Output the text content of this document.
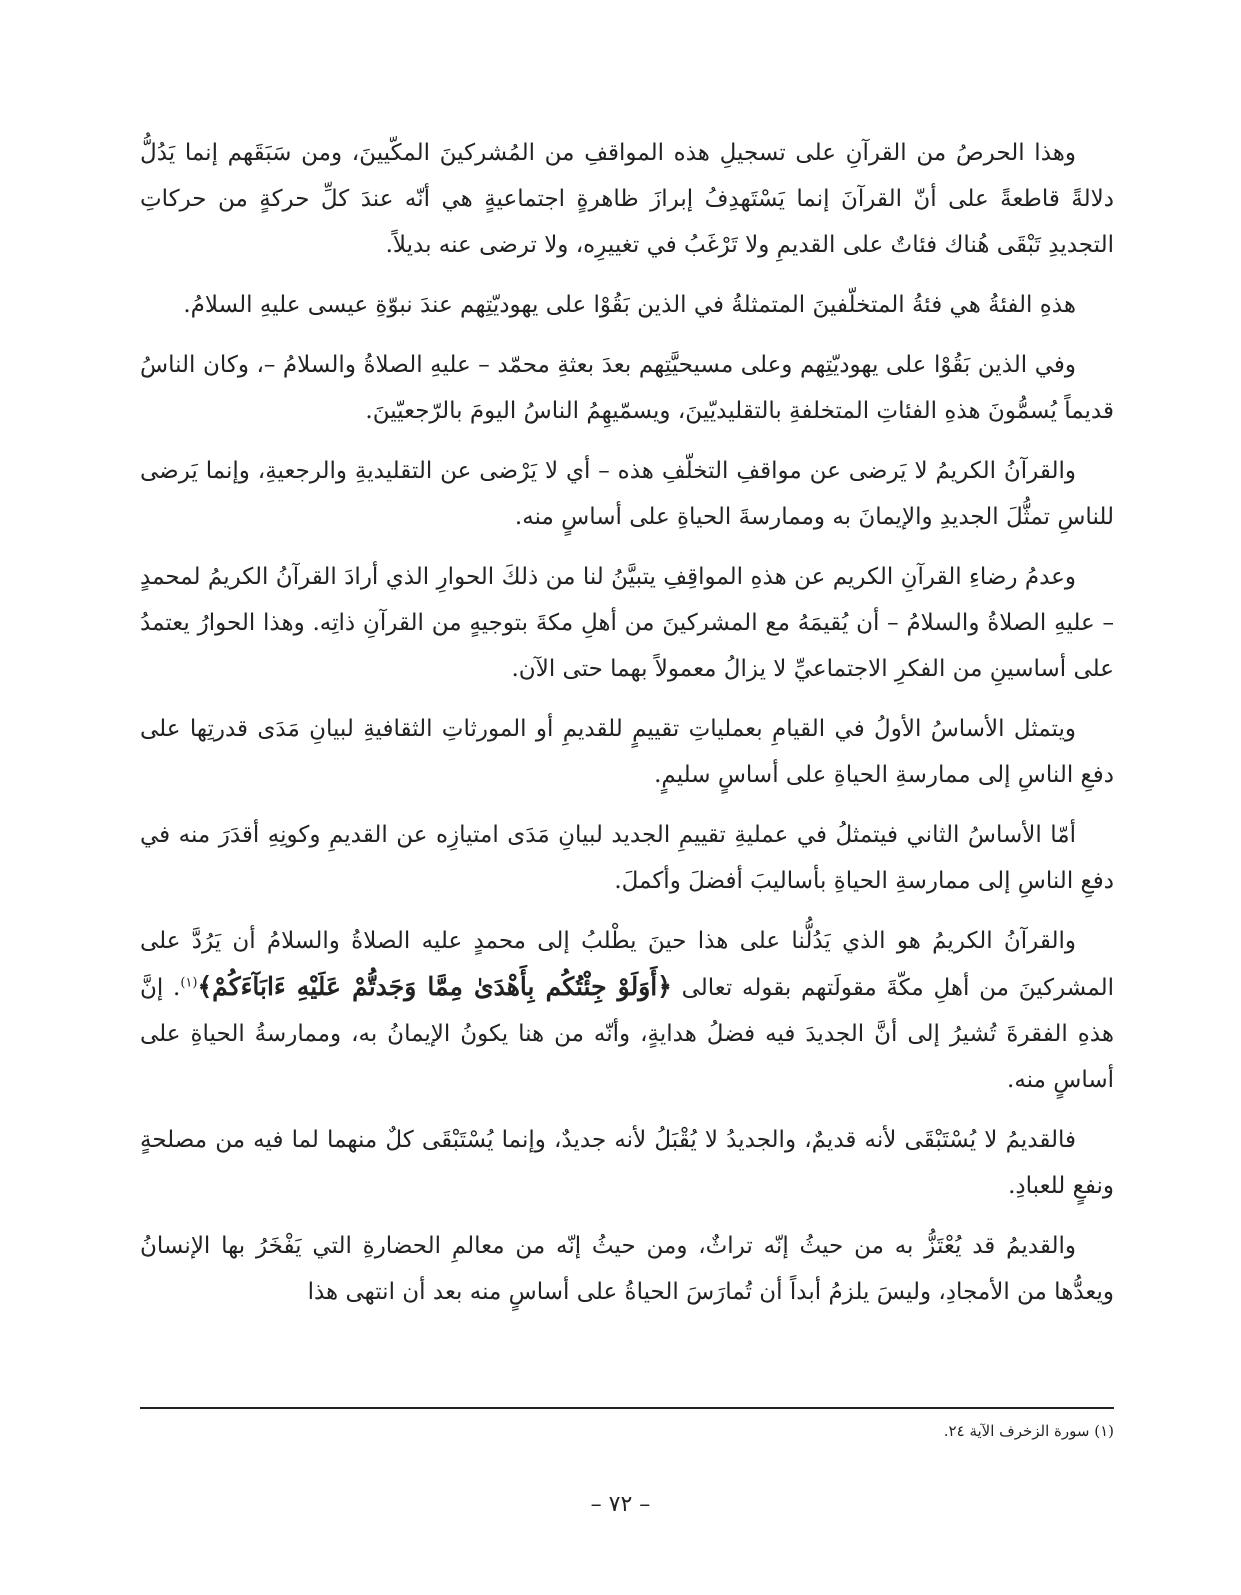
وهذا الحرصُ من القرآنِ على تسجيلِ هذه المواقفِ من المُشركينَ المكّيينَ، ومن سَبَقَهم إنما يَدُلُّ دلالةً قاطعةً على أنّ القرآنَ إنما يَسْتَهدِفُ إبرازَ ظاهرةٍ اجتماعيةٍ هي أنّه عندَ كلِّ حركةٍ من حركاتِ التجديدِ تَبْقَى هُناك فئاتٌ على القديمِ ولا تَرْغَبُ في تغييرِه، ولا ترضى عنه بديلاً.

هذهِ الفئةُ هي فئةُ المتخلّفينَ المتمثلةُ في الذين بَقُوْا على يهوديّتِهم عندَ نبوّةِ عيسى عليهِ السلامُ.

وفي الذين بَقُوْا على يهوديّتِهم وعلى مسيحيَّتِهم بعدَ بعثةِ محمّد – عليهِ الصلاةُ والسلامُ –، وكان الناسُ قديماً يُسمُّونَ هذهِ الفئاتِ المتخلفةِ بالتقليديّينَ، ويسمّيهِمُ الناسُ اليومَ بالرّجعيّينَ.

والقرآنُ الكريمُ لا يَرضى عن مواقفِ التخلّفِ هذه – أي لا يَرْضى عن التقليديةِ والرجعيةِ، وإنما يَرضى للناسِ تمثُّلَ الجديدِ والإيمانَ به وممارسةَ الحياةِ على أساسٍ منه.

وعدمُ رضاءِ القرآنِ الكريم عن هذهِ المواقِفِ يتبيَّنُ لنا من ذلكَ الحوارِ الذي أرادَ القرآنُ الكريمُ لمحمدٍ – عليهِ الصلاةُ والسلامُ – أن يُقيمَهُ مع المشركينَ من أهلِ مكةَ بتوجيهٍ من القرآنِ ذاتِه. وهذا الحوارُ يعتمدُ على أساسينِ من الفكرِ الاجتماعيِّ لا يزالُ معمولاً بهما حتى الآن.

ويتمثل الأساسُ الأولُ في القيامِ بعملياتِ تقييمٍ للقديمِ أو المورثاتِ الثقافيةِ لبيانِ مَدَى قدرتِها على دفعِ الناسِ إلى ممارسةِ الحياةِ على أساسٍ سليمٍ.

أمّا الأساسُ الثاني فيتمثلُ في عمليةِ تقييمِ الجديد لبيانِ مَدَى امتيازِه عن القديمِ وكونِهِ أقدَرَ منه في دفعِ الناسِ إلى ممارسةِ الحياةِ بأساليبَ أفضلَ وأكملَ.

والقرآنُ الكريمُ هو الذي يَدُلُّنا على هذا حينَ يطْلبُ إلى محمدٍ عليه الصلاةُ والسلامُ أن يَرُدَّ على المشركينَ من أهلِ مكّةَ مقولَتهم بقوله تعالى ﴿أَوَلَوْ جِئْتُكُم بِأَهْدَىٰ مِمَّا وَجَدتُّمْ عَلَيْهِ ءَابَآءَكُمْ﴾$^{(١)}$. إنَّ هذهِ الفقرةَ تُشيرُ إلى أنَّ الجديدَ فيه فضلُ هدايةٍ، وأنّه من هنا يكونُ الإيمانُ به، وممارسةُ الحياةِ على أساسٍ منه.

فالقديمُ لا يُسْتَبْقَى لأنه قديمٌ، والجديدُ لا يُقْبَلُ لأنه جديدٌ، وإنما يُسْتَبْقَى كلٌ منهما لما فيه من مصلحةٍ ونفعٍ للعبادِ.

والقديمُ قد يُعْتَزُّ به من حيثُ إنّه تراثٌ، ومن حيثُ إنّه من معالمِ الحضارةِ التي يَفْخَرُ بها الإنسانُ ويعدُّها من الأمجادِ، وليسَ يلزمُ أبداً أن تُمارَسَ الحياةُ على أساسٍ منه بعد أن انتهى هذا

(١) سورة الزخرف الآية ٢٤.
– ٧٢ –
